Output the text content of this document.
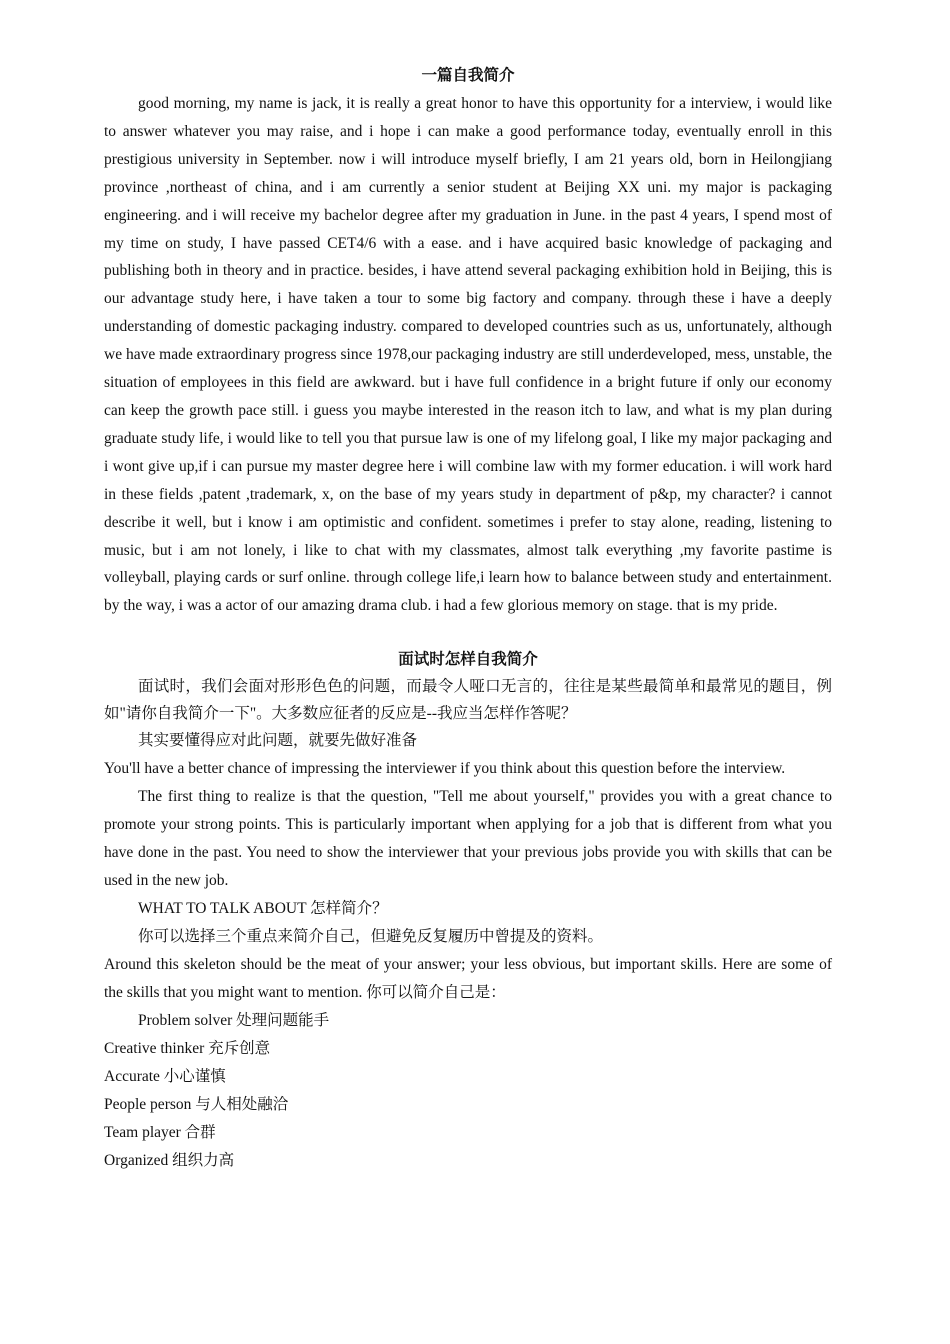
一篇自我简介

good morning, my name is jack, it is really a great honor to have this opportunity for a interview, i would like to answer whatever you may raise, and i hope i can make a good performance today, eventually enroll in this prestigious university in September. now i will introduce myself briefly, I am 21 years old, born in Heilongjiang province ,northeast of china, and i am currently a senior student at Beijing XX uni. my major is packaging engineering. and i will receive my bachelor degree after my graduation in June. in the past 4 years, I spend most of my time on study, I have passed CET4/6 with a ease. and i have acquired basic knowledge of packaging and publishing both in theory and in practice. besides, i have attend several packaging exhibition hold in Beijing, this is our advantage study here, i have taken a tour to some big factory and company. through these i have a deeply understanding of domestic packaging industry. compared to developed countries such as us, unfortunately, although we have made extraordinary progress since 1978,our packaging industry are still underdeveloped, mess, unstable, the situation of employees in this field are awkward. but i have full confidence in a bright future if only our economy can keep the growth pace still. i guess you maybe interested in the reason itch to law, and what is my plan during graduate study life, i would like to tell you that pursue law is one of my lifelong goal, I like my major packaging and i wont give up,if i can pursue my master degree here i will combine law with my former education. i will work hard in these fields ,patent ,trademark, x, on the base of my years study in department of p&p, my character? i cannot describe it well, but i know i am optimistic and confident. sometimes i prefer to stay alone, reading, listening to music, but i am not lonely, i like to chat with my classmates, almost talk everything ,my favorite pastime is volleyball, playing cards or surf online. through college life,i learn how to balance between study and entertainment. by the way, i was a actor of our amazing drama club. i had a few glorious memory on stage. that is my pride.

面试时怎样自我简介

面试时，我们会面对形形色色的问题，而最令人哑口无言的，往往是某些最简单和最常见的题目，例如"请你自我简介一下"。大多数应征者的反应是--我应当怎样作答呢？

其实要懂得应对此问题，就要先做好准备

You'll have a better chance of impressing the interviewer if you think about this question before the interview.

The first thing to realize is that the question, "Tell me about yourself," provides you with a great chance to promote your strong points. This is particularly important when applying for a job that is different from what you have done in the past. You need to show the interviewer that your previous jobs provide you with skills that can be used in the new job.

WHAT TO TALK ABOUT 怎样简介？

你可以选择三个重点来简介自己，但避免反复履历中曾提及的资料。

Around this skeleton should be the meat of your answer; your less obvious, but important skills. Here are some of the skills that you might want to mention. 你可以简介自己是：

Problem solver 处理问题能手

Creative thinker 充斥创意

Accurate 小心谨慎

People person 与人相处融洽

Team player 合群

Organized 组织力高
